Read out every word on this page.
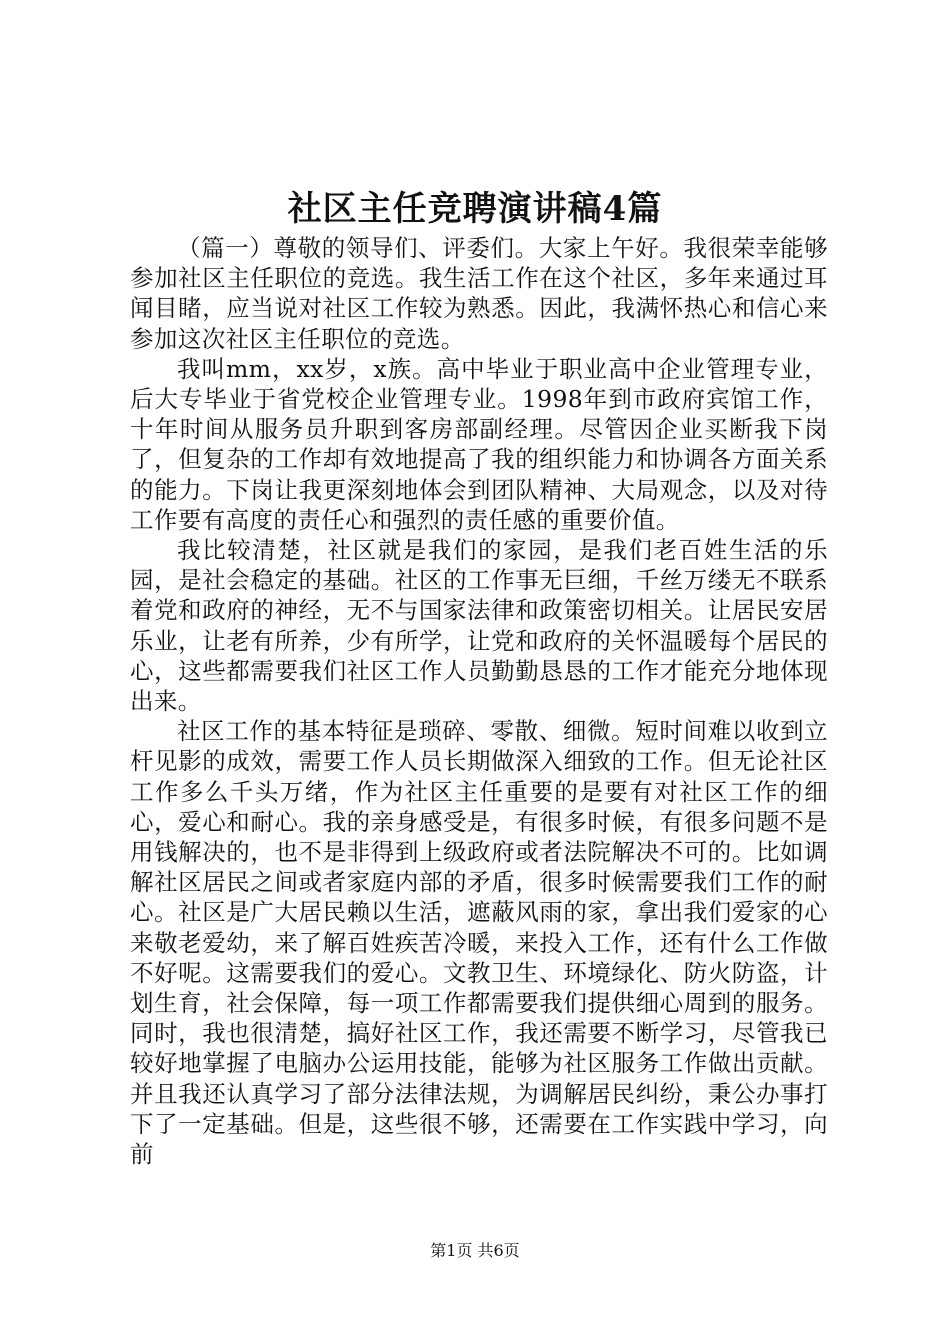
社区主任竞聘演讲稿4篇

（篇一）尊敬的领导们、评委们。大家上午好。我很荣幸能够参加社区主任职位的竞选。我生活工作在这个社区，多年来通过耳闻目睹，应当说对社区工作较为熟悉。因此，我满怀热心和信心来参加这次社区主任职位的竞选。

我叫mm，xx岁，x族。高中毕业于职业高中企业管理专业，后大专毕业于省党校企业管理专业。1998年到市政府宾馆工作，十年时间从服务员升职到客房部副经理。尽管因企业买断我下岗了，但复杂的工作却有效地提高了我的组织能力和协调各方面关系的能力。下岗让我更深刻地体会到团队精神、大局观念，以及对待工作要有高度的责任心和强烈的责任感的重要价值。

我比较清楚，社区就是我们的家园，是我们老百姓生活的乐园，是社会稳定的基础。社区的工作事无巨细，千丝万缕无不联系着党和政府的神经，无不与国家法律和政策密切相关。让居民安居乐业，让老有所养，少有所学，让党和政府的关怀温暖每个居民的心，这些都需要我们社区工作人员勤勤恳恳的工作才能充分地体现出来。

社区工作的基本特征是琐碎、零散、细微。短时间难以收到立杆见影的成效，需要工作人员长期做深入细致的工作。但无论社区工作多么千头万绪，作为社区主任重要的是要有对社区工作的细心，爱心和耐心。我的亲身感受是，有很多时候，有很多问题不是用钱解决的，也不是非得到上级政府或者法院解决不可的。比如调解社区居民之间或者家庭内部的矛盾，很多时候需要我们工作的耐心。社区是广大居民赖以生活，遮蔽风雨的家，拿出我们爱家的心来敬老爱幼，来了解百姓疾苦冷暖，来投入工作，还有什么工作做不好呢。这需要我们的爱心。文教卫生、环境绿化、防火防盗，计划生育，社会保障，每一项工作都需要我们提供细心周到的服务。同时，我也很清楚，搞好社区工作，我还需要不断学习，尽管我已较好地掌握了电脑办公运用技能，能够为社区服务工作做出贡献。并且我还认真学习了部分法律法规，为调解居民纠纷，秉公办事打下了一定基础。但是，这些很不够，还需要在工作实践中学习，向前

第1页 共6页
